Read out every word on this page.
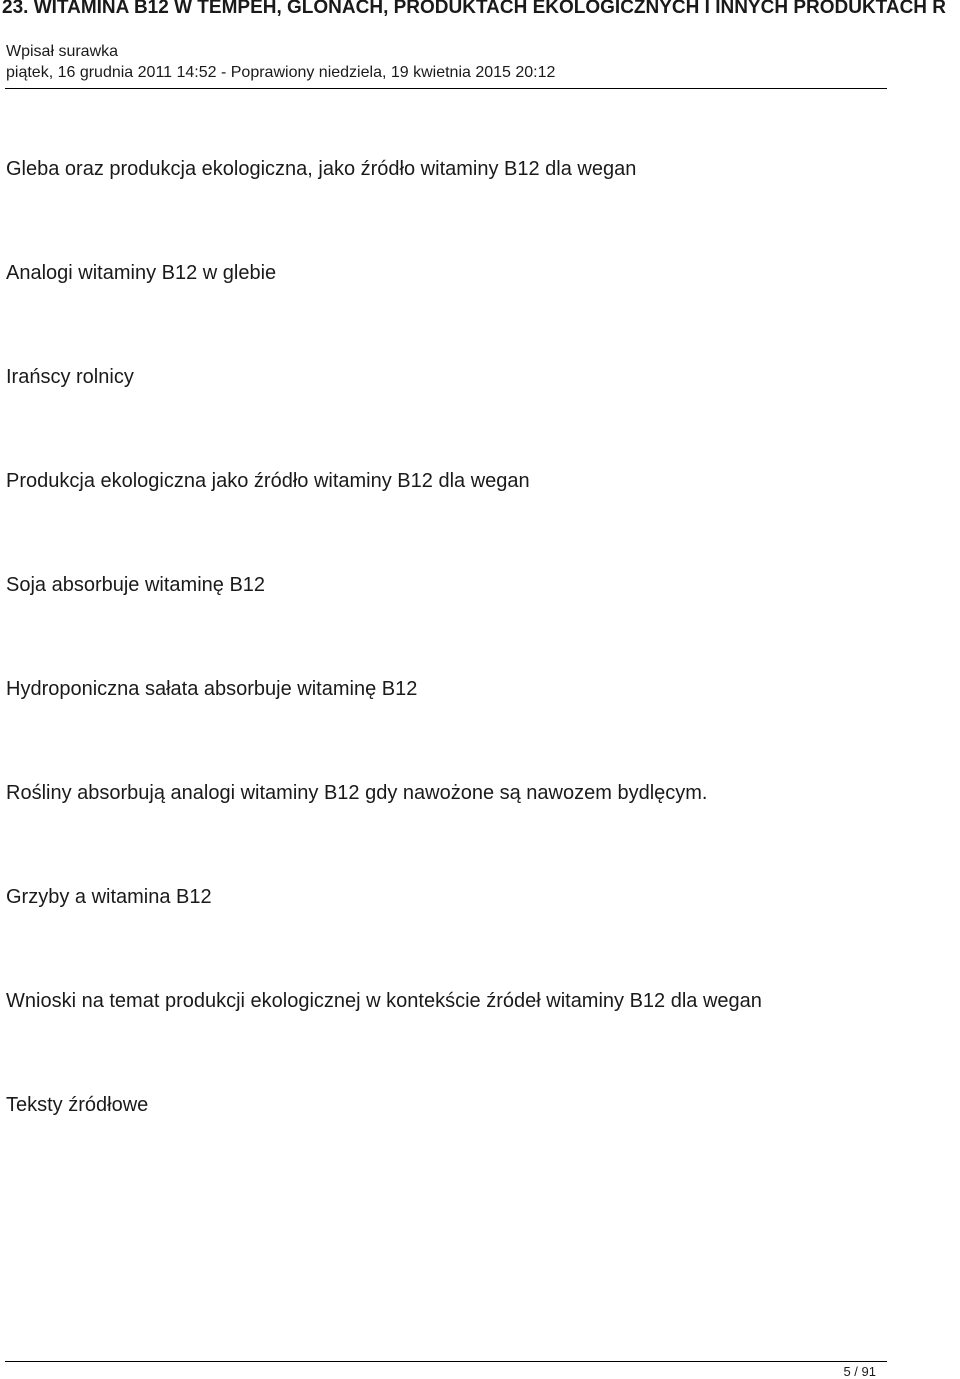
23. WITAMINA B12 W TEMPEH, GLONACH, PRODUKTACH EKOLOGICZNYCH I INNYCH PRODUKTACH R
Wpisał surawka
piątek, 16 grudnia 2011 14:52 - Poprawiony niedziela, 19 kwietnia 2015 20:12
Gleba oraz produkcja ekologiczna, jako źródło witaminy B12 dla wegan
Analogi witaminy B12 w glebie
Irańscy rolnicy
Produkcja ekologiczna jako źródło witaminy B12 dla wegan
Soja absorbuje witaminę B12
Hydroponiczna sałata absorbuje witaminę B12
Rośliny absorbują analogi witaminy B12 gdy nawożone są nawozem bydlęcym.
Grzyby a witamina B12
Wnioski na temat produkcji ekologicznej w kontekście źródeł witaminy B12 dla wegan
Teksty źródłowe
5 / 91
